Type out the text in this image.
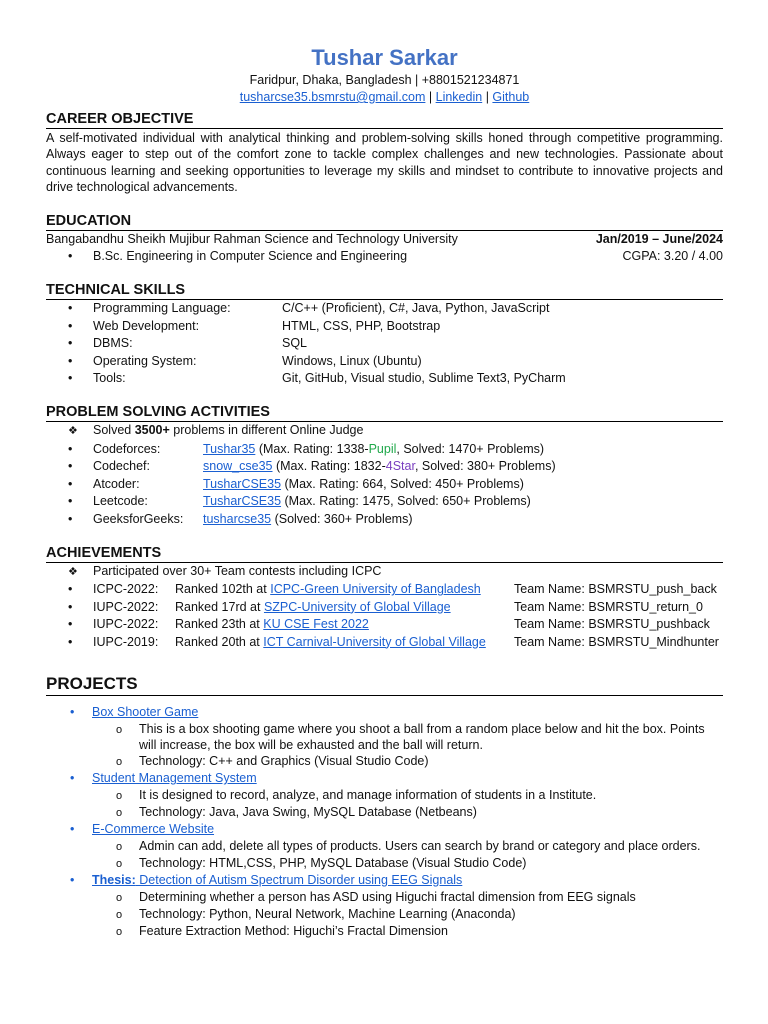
Tushar Sarkar
Faridpur, Dhaka, Bangladesh | +8801521234871
tusharcse35.bsmrstu@gmail.com | Linkedin | Github
CAREER OBJECTIVE
A self-motivated individual with analytical thinking and problem-solving skills honed through competitive programming. Always eager to step out of the comfort zone to tackle complex challenges and new technologies. Passionate about continuous learning and seeking opportunities to leverage my skills and mindset to contribute to innovative projects and drive technological advancements.
EDUCATION
Bangabandhu Sheikh Mujibur Rahman Science and Technology University	Jan/2019 – June/2024
•
B.Sc. Engineering in Computer Science and Engineering	CGPA: 3.20 / 4.00
TECHNICAL SKILLS
•
Programming Language:	C/C++ (Proficient), C#, Java, Python, JavaScript
•
Web Development:	HTML, CSS, PHP, Bootstrap
•
DBMS:	SQL
•
Operating System:	Windows, Linux (Ubuntu)
•
Tools:	Git, GitHub, Visual studio, Sublime Text3, PyCharm
PROBLEM SOLVING ACTIVITIES
❖
Solved 3500+ problems in different Online Judge
•
Codeforces:	Tushar35 (Max. Rating: 1338-Pupil, Solved: 1470+ Problems)
•
Codechef:	snow_cse35 (Max. Rating: 1832-4Star, Solved: 380+ Problems)
•
Atcoder:	TusharCSE35 (Max. Rating: 664, Solved: 450+ Problems)
•
Leetcode:	TusharCSE35 (Max. Rating: 1475, Solved: 650+ Problems)
•
GeeksforGeeks:	tusharcse35 (Solved: 360+ Problems)
ACHIEVEMENTS
❖
Participated over 30+ Team contests including ICPC
•
ICPC-2022:	Ranked 102th at ICPC-Green University of Bangladesh	Team Name: BSMRSTU_push_back
•
IUPC-2022:	Ranked 17rd at SZPC-University of Global Village	Team Name: BSMRSTU_return_0
•
IUPC-2022:	Ranked 23th at KU CSE Fest 2022	Team Name: BSMRSTU_pushback
•
IUPC-2019:	Ranked 20th at ICT Carnival-University of Global Village	Team Name: BSMRSTU_Mindhunter
PROJECTS
•
Box Shooter Game
o
This is a box shooting game where you shoot a ball from a random place below and hit the box. Points will increase, the box will be exhausted and the ball will return.
o
Technology: C++ and Graphics (Visual Studio Code)
•
Student Management System
o
It is designed to record, analyze, and manage information of students in a Institute.
o
Technology: Java, Java Swing, MySQL Database (Netbeans)
•
E-Commerce Website
o
Admin can add, delete all types of products. Users can search by brand or category and place orders.
o
Technology: HTML,CSS, PHP, MySQL Database (Visual Studio Code)
•
Thesis: Detection of Autism Spectrum Disorder using EEG Signals
o
Determining whether a person has ASD using Higuchi fractal dimension from EEG signals
o
Technology: Python, Neural Network, Machine Learning (Anaconda)
o
Feature Extraction Method: Higuchi’s Fractal Dimension
